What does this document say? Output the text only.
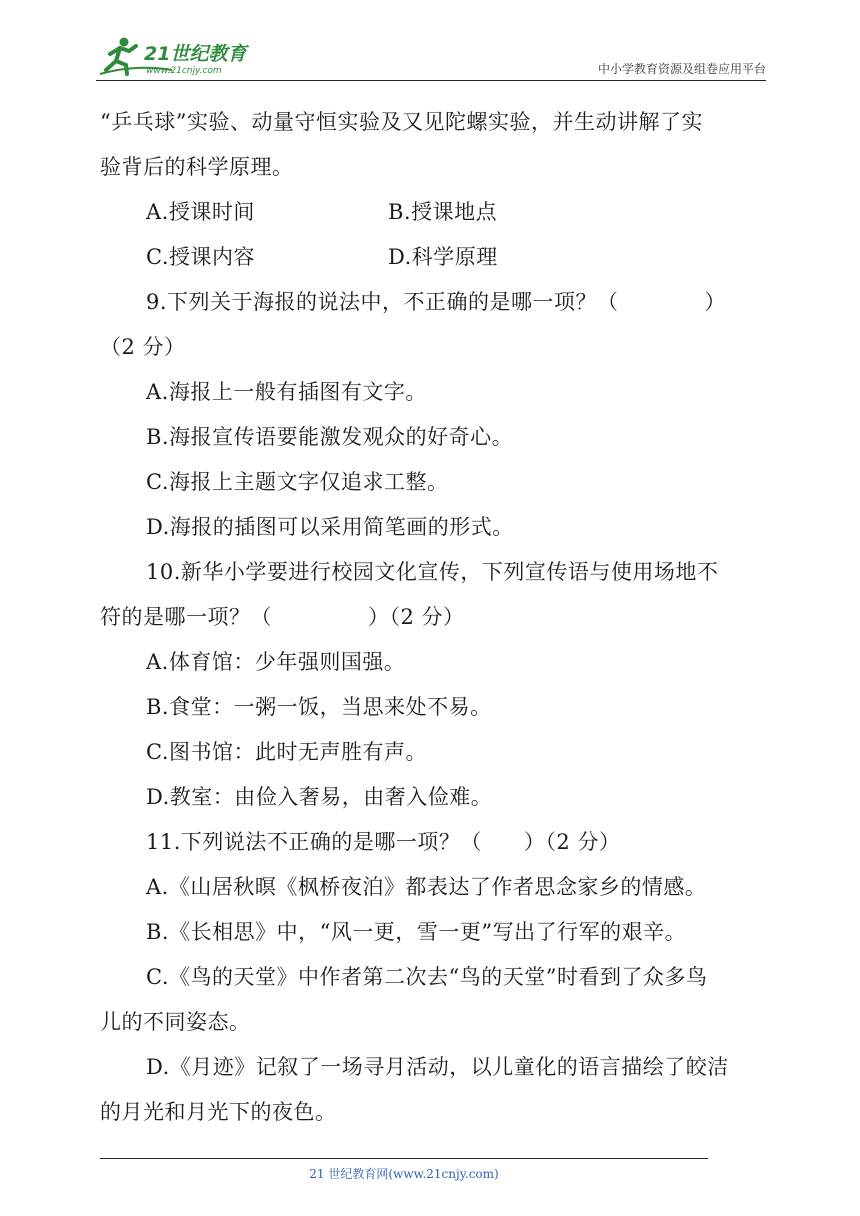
21世纪教育
www.21cnjy.com	中小学教育资源及组卷应用平台
“乒乓球”实验、动量守恒实验及又见陀螺实验，并生动讲解了实
验背后的科学原理。
A.授课时间	B.授课地点
C.授课内容	D.科学原理
9.下列关于海报的说法中，不正确的是哪一项？（	）
（2 分）
A.海报上一般有插图有文字。
B.海报宣传语要能激发观众的好奇心。
C.海报上主题文字仅追求工整。
D.海报的插图可以采用简笔画的形式。
10.新华小学要进行校园文化宣传，下列宣传语与使用场地不
符的是哪一项？（	）（2 分）
A.体育馆：少年强则国强。
B.食堂：一粥一饭，当思来处不易。
C.图书馆：此时无声胜有声。
D.教室：由俭入奢易，由奢入俭难。
11.下列说法不正确的是哪一项？（ ）（2 分）
A.《山居秋暝《枫桥夜泊》都表达了作者思念家乡的情感。
B.《长相思》中，“风一更，雪一更”写出了行军的艰辛。
C.《鸟的天堂》中作者第二次去“鸟的天堂”时看到了众多鸟
儿的不同姿态。
D.《月迹》记叙了一场寻月活动，以儿童化的语言描绘了皎洁
的月光和月光下的夜色。
21 世纪教育网(www.21cnjy.com)
